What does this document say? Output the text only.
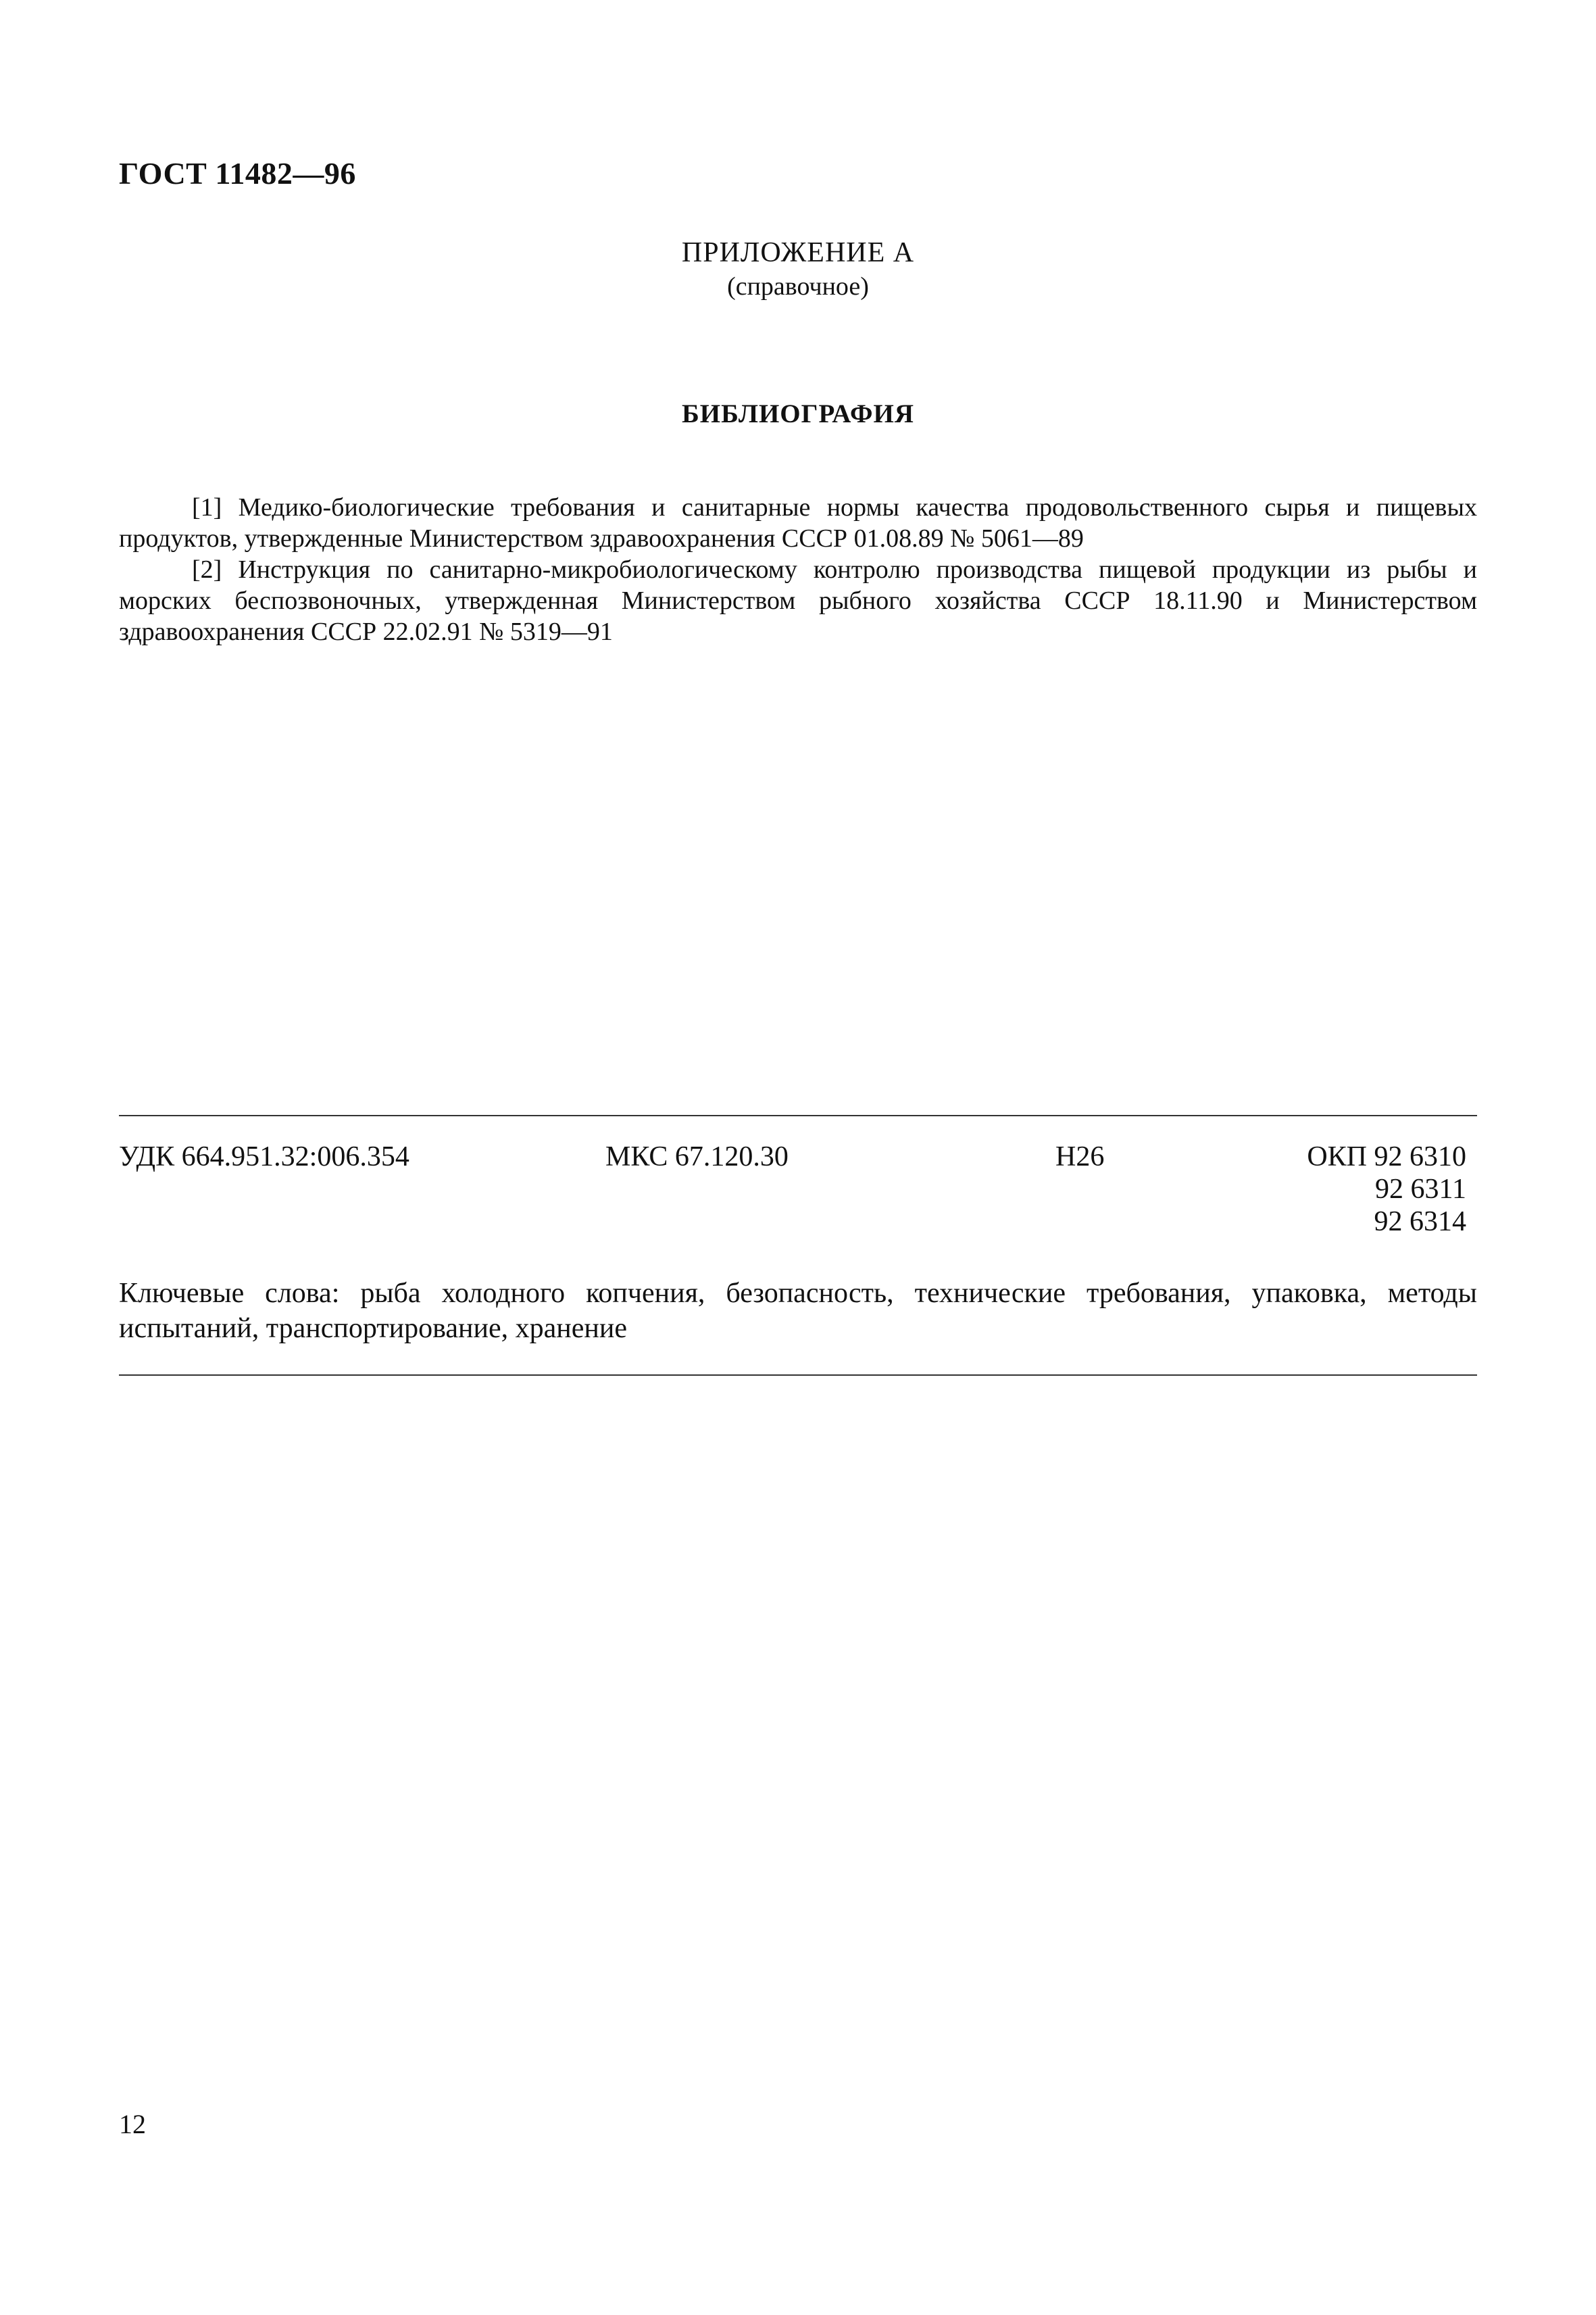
ГОСТ 11482—96
ПРИЛОЖЕНИЕ А
(справочное)
БИБЛИОГРАФИЯ

[1] Медико-биологические требования и санитарные нормы качества продовольственного сырья и пищевых продуктов, утвержденные Министерством здравоохранения СССР 01.08.89 № 5061—89

[2] Инструкция по санитарно-микробиологическому контролю производства пищевой продукции из рыбы и морских беспозвоночных, утвержденная Министерством рыбного хозяйства СССР 18.11.90 и Министерством здравоохранения СССР 22.02.91 № 5319—91

УДК 664.951.32:006.354	МКС 67.120.30	Н26	ОКП 92 6310
92 6311
92 6314
Ключевые слова: рыба холодного копчения, безопасность, технические требования, упаковка, методы испытаний, транспортирование, хранение
12
